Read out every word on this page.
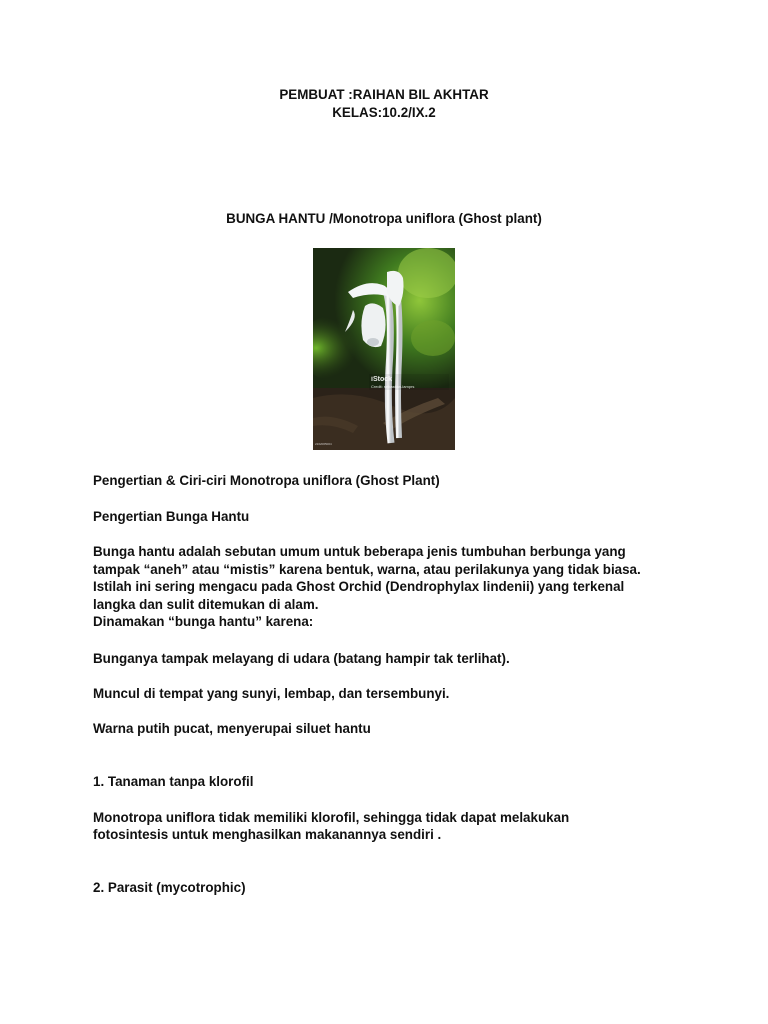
PEMBUAT :RAIHAN BIL AKHTAR

KELAS:10.2/IX.2

BUNGA HANTU /Monotropa uniflora (Ghost plant)

iStock
Credit: sebastian-lamprs
2162065004

Pengertian & Ciri-ciri Monotropa uniflora (Ghost Plant)

Pengertian Bunga Hantu

Bunga hantu adalah sebutan umum untuk beberapa jenis tumbuhan berbunga yang

tampak “aneh” atau “mistis” karena bentuk, warna, atau perilakunya yang tidak biasa.

Istilah ini sering mengacu pada Ghost Orchid (Dendrophylax lindenii) yang terkenal

langka dan sulit ditemukan di alam.

Dinamakan “bunga hantu” karena:

Bunganya tampak melayang di udara (batang hampir tak terlihat).

Muncul di tempat yang sunyi, lembap, dan tersembunyi.

Warna putih pucat, menyerupai siluet hantu

1. Tanaman tanpa klorofil

Monotropa uniflora tidak memiliki klorofil, sehingga tidak dapat melakukan

fotosintesis untuk menghasilkan makanannya sendiri .

2. Parasit (mycotrophic)
